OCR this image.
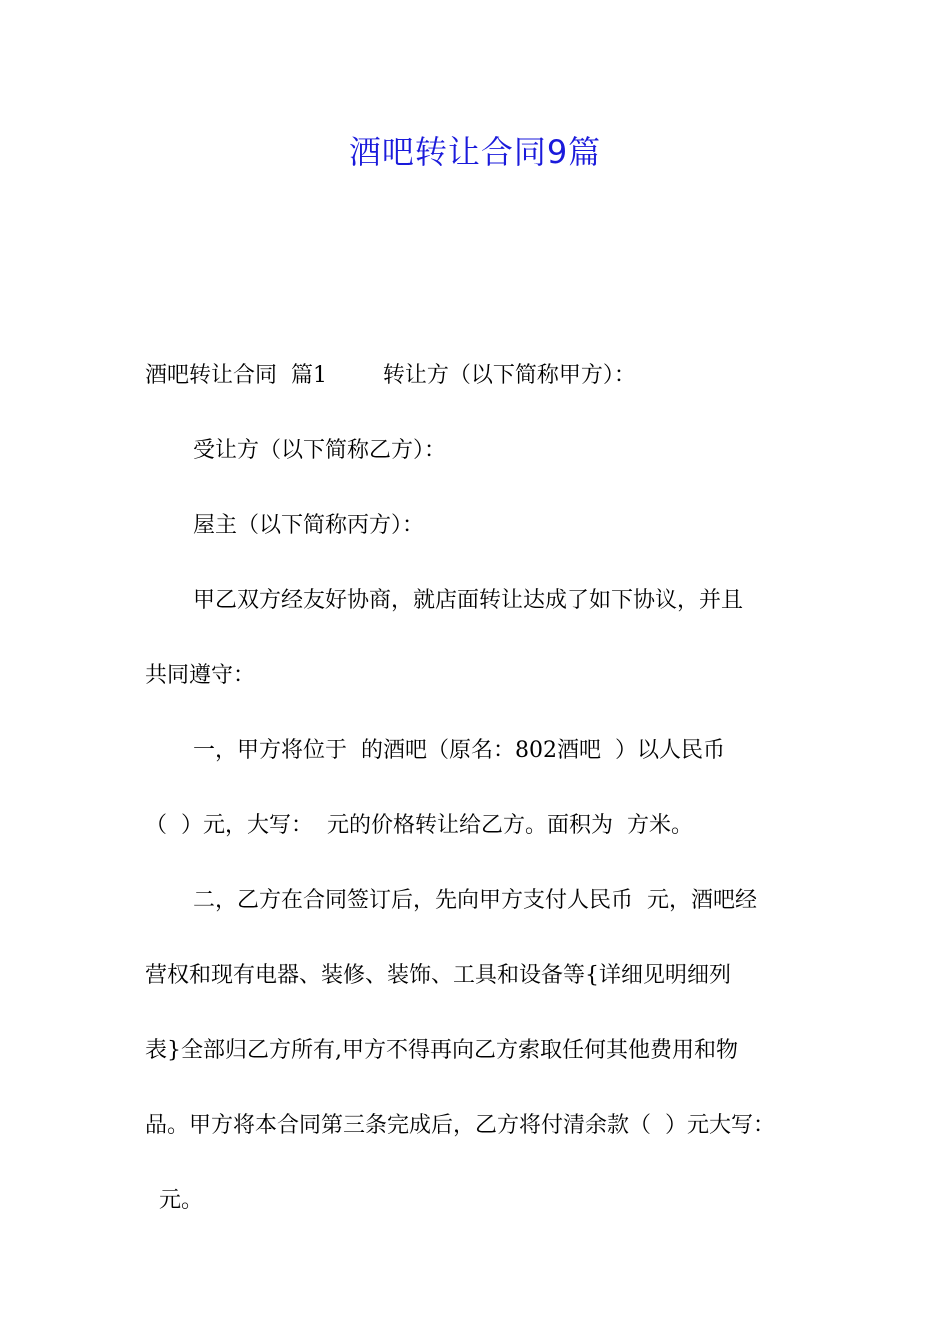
酒吧转让合同9篇
酒吧转让合同  篇1        转让方（以下简称甲方）：
受让方（以下简称乙方）：
屋主（以下简称丙方）：
甲乙双方经友好协商，就店面转让达成了如下协议，并且
共同遵守：
一，甲方将位于  的酒吧（原名：802酒吧  ）以人民币
（  ）元，大写：  元的价格转让给乙方。面积为  方米。
二，乙方在合同签订后，先向甲方支付人民币  元，酒吧经
营权和现有电器、装修、装饰、工具和设备等{详细见明细列
表}全部归乙方所有,甲方不得再向乙方索取任何其他费用和物
品。甲方将本合同第三条完成后，乙方将付清余款（  ）元大写：
元。
